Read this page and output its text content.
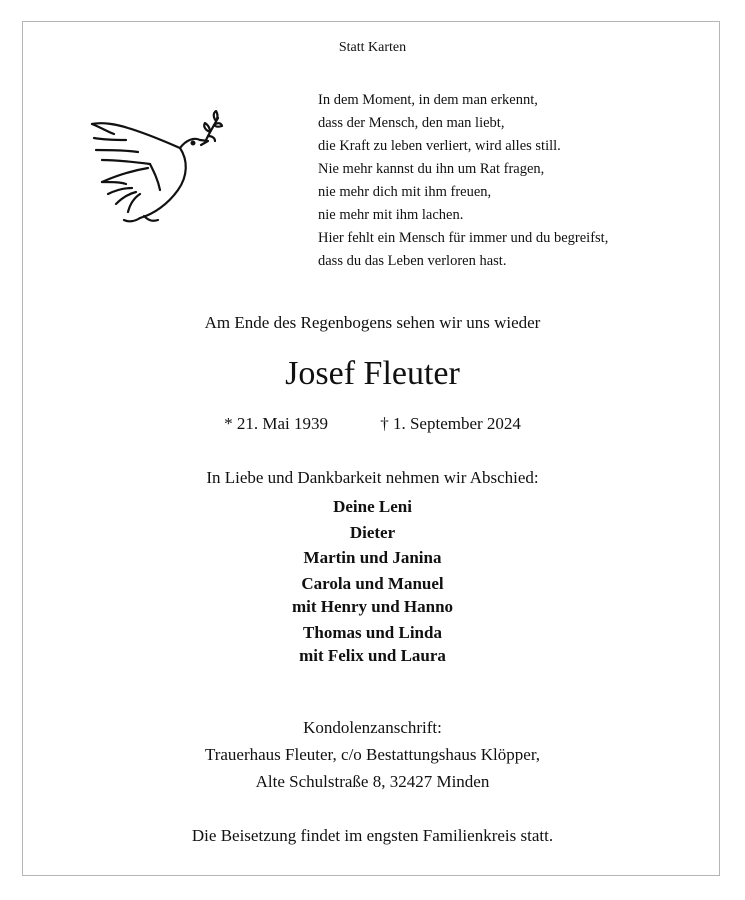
Statt Karten
In dem Moment, in dem man erkennt,
dass der Mensch, den man liebt,
die Kraft zu leben verliert, wird alles still.
Nie mehr kannst du ihn um Rat fragen,
nie mehr dich mit ihm freuen,
nie mehr mit ihm lachen.
Hier fehlt ein Mensch für immer und du begreifst,
dass du das Leben verloren hast.
Am Ende des Regenbogens sehen wir uns wieder
Josef Fleuter
* 21. Mai 1939	† 1. September 2024
In Liebe und Dankbarkeit nehmen wir Abschied:
Deine Leni
Dieter
Martin und Janina
Carola und Manuel
mit Henry und Hanno
Thomas und Linda
mit Felix und Laura
Kondolenzanschrift:
Trauerhaus Fleuter, c/o Bestattungshaus Klöpper,
Alte Schulstraße 8, 32427 Minden
Die Beisetzung findet im engsten Familienkreis statt.
